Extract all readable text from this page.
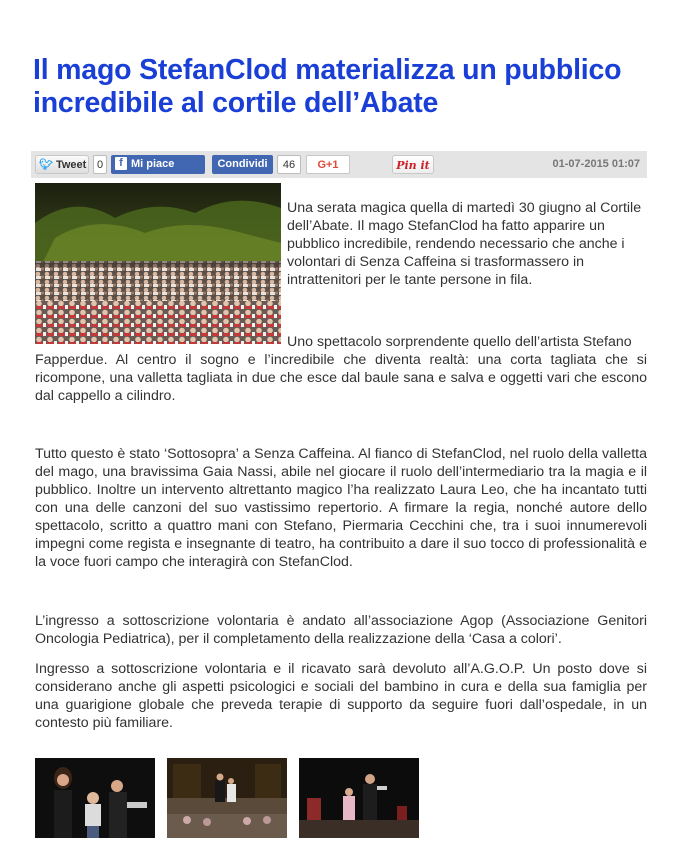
Il mago StefanClod materializza un pubblico incredibile al cortile dell’Abate
🐦︎ Tweet 0	f Mi piace	Condividi	46	G+1	Pin it	01-07-2015 01:07

Una serata magica quella di martedì 30 giugno al Cortile dell’Abate. Il mago StefanClod ha fatto apparire un pubblico incredibile, rendendo necessario che anche i volontari di Senza Caffeina si trasformassero in intrattenitori per le tante persone in fila.

Uno spettacolo sorprendente quello dell’artista Stefano

Fapperdue. Al centro il sogno e l’incredibile che diventa realtà: una corta tagliata che si ricompone, una valletta tagliata in due che esce dal baule sana e salva e oggetti vari che escono dal cappello a cilindro.

Tutto questo è stato ‘Sottosopra’ a Senza Caffeina. Al fianco di StefanClod, nel ruolo della valletta del mago, una bravissima Gaia Nassi, abile nel giocare il ruolo dell’intermediario tra la magia e il pubblico. Inoltre un intervento altrettanto magico l’ha realizzato Laura Leo, che ha incantato tutti con una delle canzoni del suo vastissimo repertorio. A firmare la regia, nonché autore dello spettacolo, scritto a quattro mani con Stefano, Piermaria Cecchini che, tra i suoi innumerevoli impegni come regista e insegnante di teatro, ha contribuito a dare il suo tocco di professionalità e la voce fuori campo che interagirà con StefanClod.

L’ingresso a sottoscrizione volontaria è andato all’associazione Agop (Associazione Genitori Oncologia Pediatrica), per il completamento della realizzazione della ‘Casa a colori’.

Ingresso a sottoscrizione volontaria e il ricavato sarà devoluto all’A.G.O.P. Un posto dove si considerano anche gli aspetti psicologici e sociali del bambino in cura e della sua famiglia per una guarigione globale che preveda terapie di supporto da seguire fuori dall’ospedale, in un contesto più familiare.
